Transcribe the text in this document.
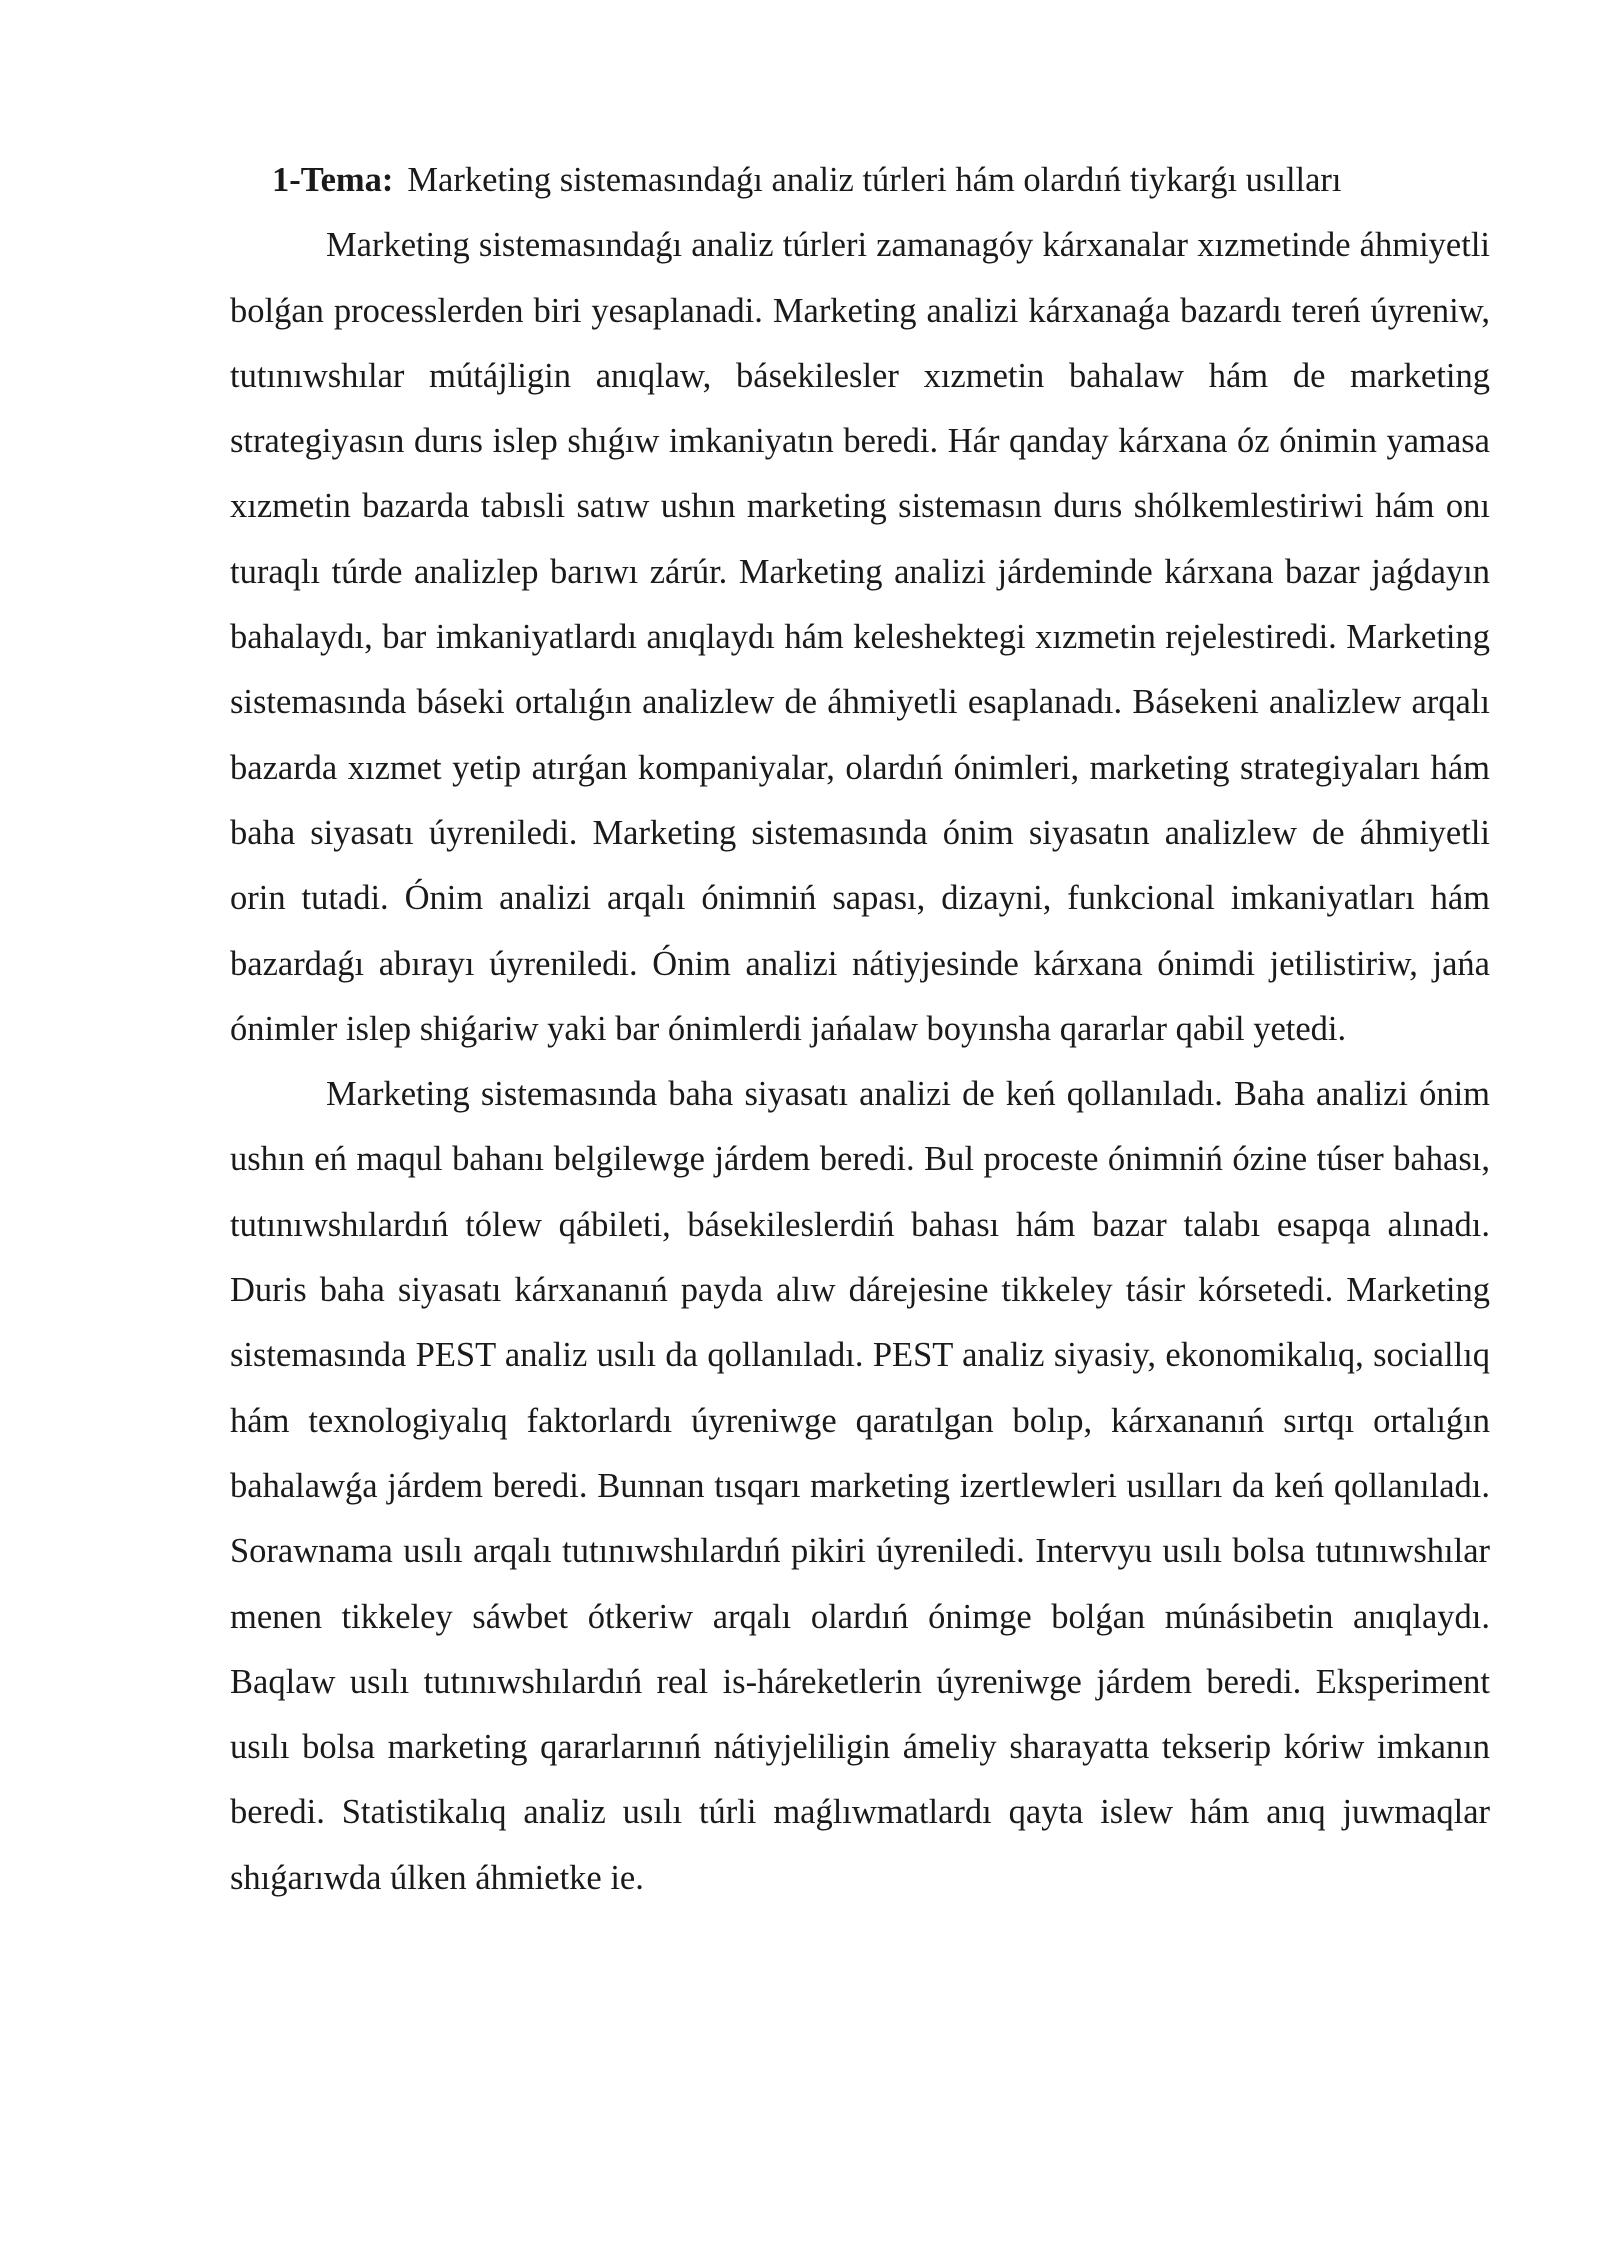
1-Tema: Marketing sistemasındaǵı analiz túrleri hám olardıń tiykarǵı usılları

Marketing sistemasındaǵı analiz túrleri zamanagóy kárxanalar xızmetinde áhmiyetli bolǵan processlerden biri yesaplanadi. Marketing analizi kárxanaǵa bazardı tereń úyreniw, tutınıwshılar mútájligin anıqlaw, básekilesler xızmetin bahalaw hám de marketing strategiyasın durıs islep shıǵıw imkaniyatın beredi. Hár qanday kárxana óz ónimin yamasa xızmetin bazarda tabısli satıw ushın marketing sistemasın durıs shólkemlestiriwi hám onı turaqlı túrde analizlep barıwı zárúr. Marketing analizi járdeminde kárxana bazar jaǵdayın bahalaydı, bar imkaniyatlardı anıqlaydı hám keleshektegi xızmetin rejelestiredi. Marketing sistemasında báseki ortalıǵın analizlew de áhmiyetli esaplanadı. Básekeni analizlew arqalı bazarda xızmet yetip atırǵan kompaniyalar, olardıń ónimleri, marketing strategiyaları hám baha siyasatı úyreniledi. Marketing sistemasında ónim siyasatın analizlew de áhmiyetli orin tutadi. Ónim analizi arqalı ónimniń sapası, dizayni, funkcional imkaniyatları hám bazardaǵı abırayı úyreniledi. Ónim analizi nátiyjesinde kárxana ónimdi jetilistiriw, jańa ónimler islep shiǵariw yaki bar ónimlerdi jańalaw boyınsha qararlar qabil yetedi.

Marketing sistemasında baha siyasatı analizi de keń qollanıladı. Baha analizi ónim ushın eń maqul bahanı belgilewge járdem beredi. Bul proceste ónimniń ózine túser bahası, tutınıwshılardıń tólew qábileti, básekileslerdiń bahası hám bazar talabı esapqa alınadı. Duris baha siyasatı kárxananıń payda alıw dárejesine tikkeley tásir kórsetedi. Marketing sistemasında PEST analiz usılı da qollanıladı. PEST analiz siyasiy, ekonomikalıq, sociallıq hám texnologiyalıq faktorlardı úyreniwge qaratılgan bolıp, kárxananıń sırtqı ortalıǵın bahalawǵa járdem beredi. Bunnan tısqarı marketing izertlewleri usılları da keń qollanıladı. Sorawnama usılı arqalı tutınıwshılardıń pikiri úyreniledi. Intervyu usılı bolsa tutınıwshılar menen tikkeley sáwbet ótkeriw arqalı olardıń ónimge bolǵan múnásibetin anıqlaydı. Baqlaw usılı tutınıwshılardıń real is-háreketlerin úyreniwge járdem beredi. Eksperiment usılı bolsa marketing qararlarınıń nátiyjeliligin ámeliy sharayatta tekserip kóriw imkanın beredi. Statistikalıq analiz usılı túrli maǵlıwmatlardı qayta islew hám anıq juwmaqlar shıǵarıwda úlken áhmietke ie.
